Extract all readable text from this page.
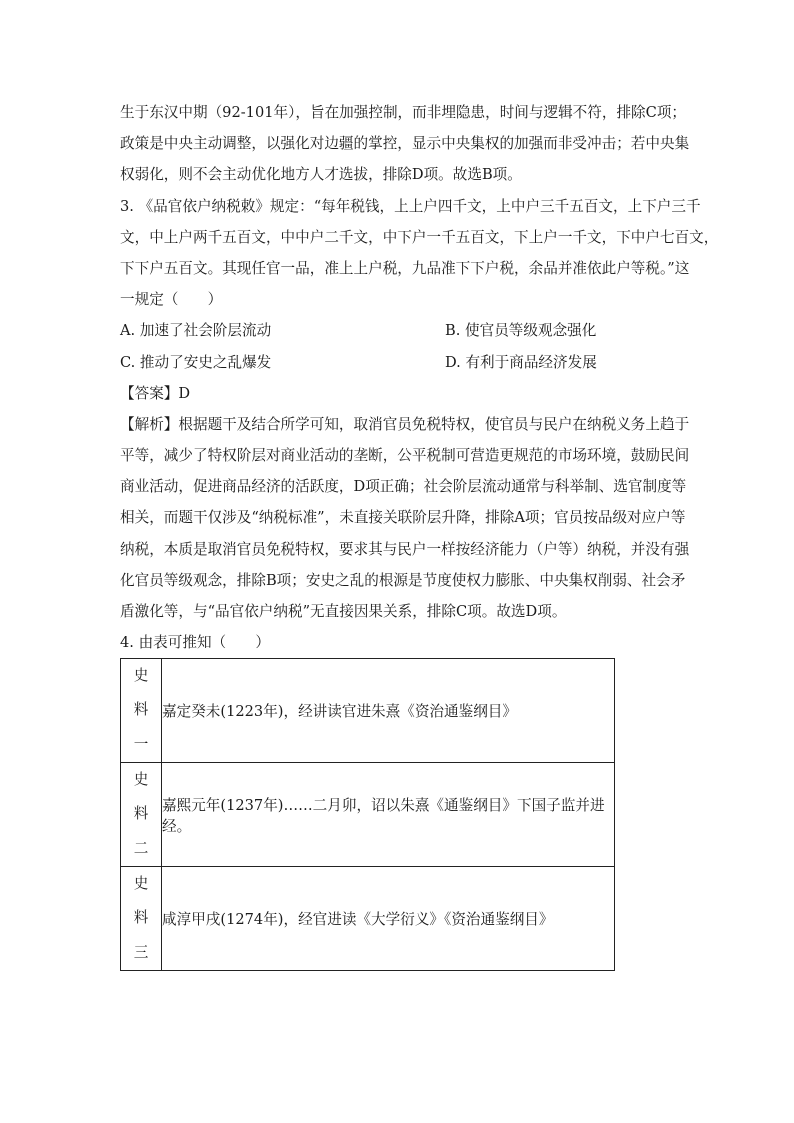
生于东汉中期（92-101年），旨在加强控制，而非埋隐患，时间与逻辑不符，排除C项；
政策是中央主动调整，以强化对边疆的掌控，显示中央集权的加强而非受冲击；若中央集
权弱化，则不会主动优化地方人才选拔，排除D项。故选B项。
3. 《品官依户纳税敕》规定：“每年税钱，上上户四千文，上中户三千五百文，上下户三千
文，中上户两千五百文，中中户二千文，中下户一千五百文，下上户一千文，下中户七百文，
下下户五百文。其现任官一品，准上上户税，九品准下下户税，余品并准依此户等税。”这
一规定（　　）
A. 加速了社会阶层流动	B. 使官员等级观念强化
C. 推动了安史之乱爆发	D. 有利于商品经济发展
【答案】D
【解析】根据题干及结合所学可知，取消官员免税特权，使官员与民户在纳税义务上趋于
平等，减少了特权阶层对商业活动的垄断，公平税制可营造更规范的市场环境，鼓励民间
商业活动，促进商品经济的活跃度，D项正确；社会阶层流动通常与科举制、选官制度等
相关，而题干仅涉及“纳税标准”，未直接关联阶层升降，排除A项；官员按品级对应户等
纳税，本质是取消官员免税特权，要求其与民户一样按经济能力（户等）纳税，并没有强
化官员等级观念，排除B项；安史之乱的根源是节度使权力膨胀、中央集权削弱、社会矛
盾激化等，与“品官依户纳税”无直接因果关系，排除C项。故选D项。
4. 由表可推知（　　）
史
料
一	嘉定癸未(1223年)，经讲读官进朱熹《资治通鉴纲目》

史
料
二	嘉熙元年(1237年)……二月卯，诏以朱熹《通鉴纲目》下国子监并进经。

史
料
三	咸淳甲戌(1274年)，经官进读《大学衍义》《资治通鉴纲目》
